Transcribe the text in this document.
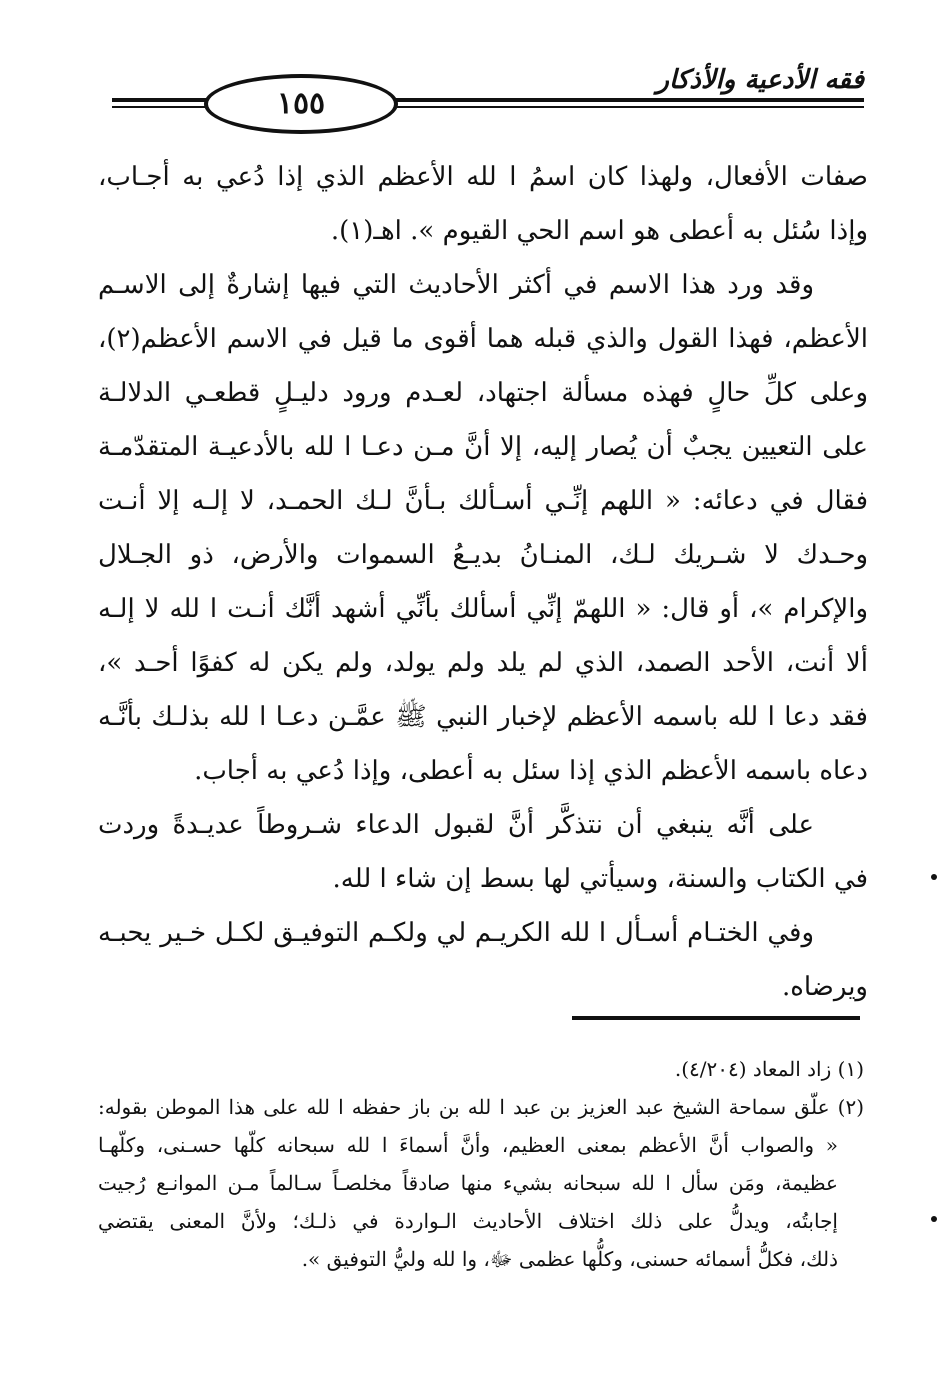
فقه الأدعية والأذكار
١٥٥
صفات الأفعال، ولهذا كان اسمُ ا لله الأعظم الذي إذا دُعي به أجـاب،
وإذا سُئل به أعطى هو اسم الحي القيوم ». اهـ(١).
وقد ورد هذا الاسم في أكثر الأحاديث التي فيها إشارةٌ إلى الاسـم
الأعظم، فهذا القول والذي قبله هما أقوى ما قيل في الاسم الأعظم(٢)،
وعلى كلِّ حالٍ فهذه مسألة اجتهاد، لعـدم ورود دليـلٍ قطعـي الدلالـة
على التعيين يجبٌ أن يُصار إليه، إلا أنَّ مـن دعـا ا لله بالأدعيـة المتقدّمـة
فقال في دعائه: « اللهم إنِّـي أسـألك بـأنَّ لـك الحمـد، لا إلـه إلا أنـت
وحـدك لا شـريك لـك، المنـانُ بديـعُ السموات والأرض، ذو الجـلال
والإكرام »، أو قال: « اللهمّ إنِّي أسألك بأنِّي أشهد أنَّك أنـت ا لله لا إلـه
ألا أنت، الأحد الصمد، الذي لم يلد ولم يولد، ولم يكن له كفوًا أحـد »،
فقد دعا ا لله باسمه الأعظم لإخبار النبي ﷺ عمَّـن دعـا ا لله بذلـك بأنَّـه
دعاه باسمه الأعظم الذي إذا سئل به أعطى، وإذا دُعي به أجاب.
على أنَّه ينبغي أن نتذكَّر أنَّ لقبول الدعاء شـروطاً عديـدةً وردت
في الكتاب والسنة، وسيأتي لها بسط إن شاء ا لله.
وفي الختـام أسـأل ا لله الكريـم لي ولكـم التوفيـق لكـل خـير يحبـه
ويرضاه.
(١) زاد المعاد (٤/٢٠٤).
(٢) علّق سماحة الشيخ عبد العزيز بن عبد ا لله بن باز حفظه ا لله على هذا الموطن بقوله:
« والصواب أنَّ الأعظم بمعنى العظيم، وأنَّ أسماءَ ا لله سبحانه كلّها حسـنى، وكلّهـا
عظيمة، ومَن سأل ا لله سبحانه بشيء منها صادقاً مخلصـاً سـالماً مـن الموانـع رُجيت
إجابتُه، ويدلُّ على ذلك اختلاف الأحاديث الـواردة في ذلـك؛ ولأنَّ المعنى يقتضي
ذلك، فكلُّ أسمائه حسنى، وكلُّها عظمى ﷻ، وا لله وليُّ التوفيق ».
